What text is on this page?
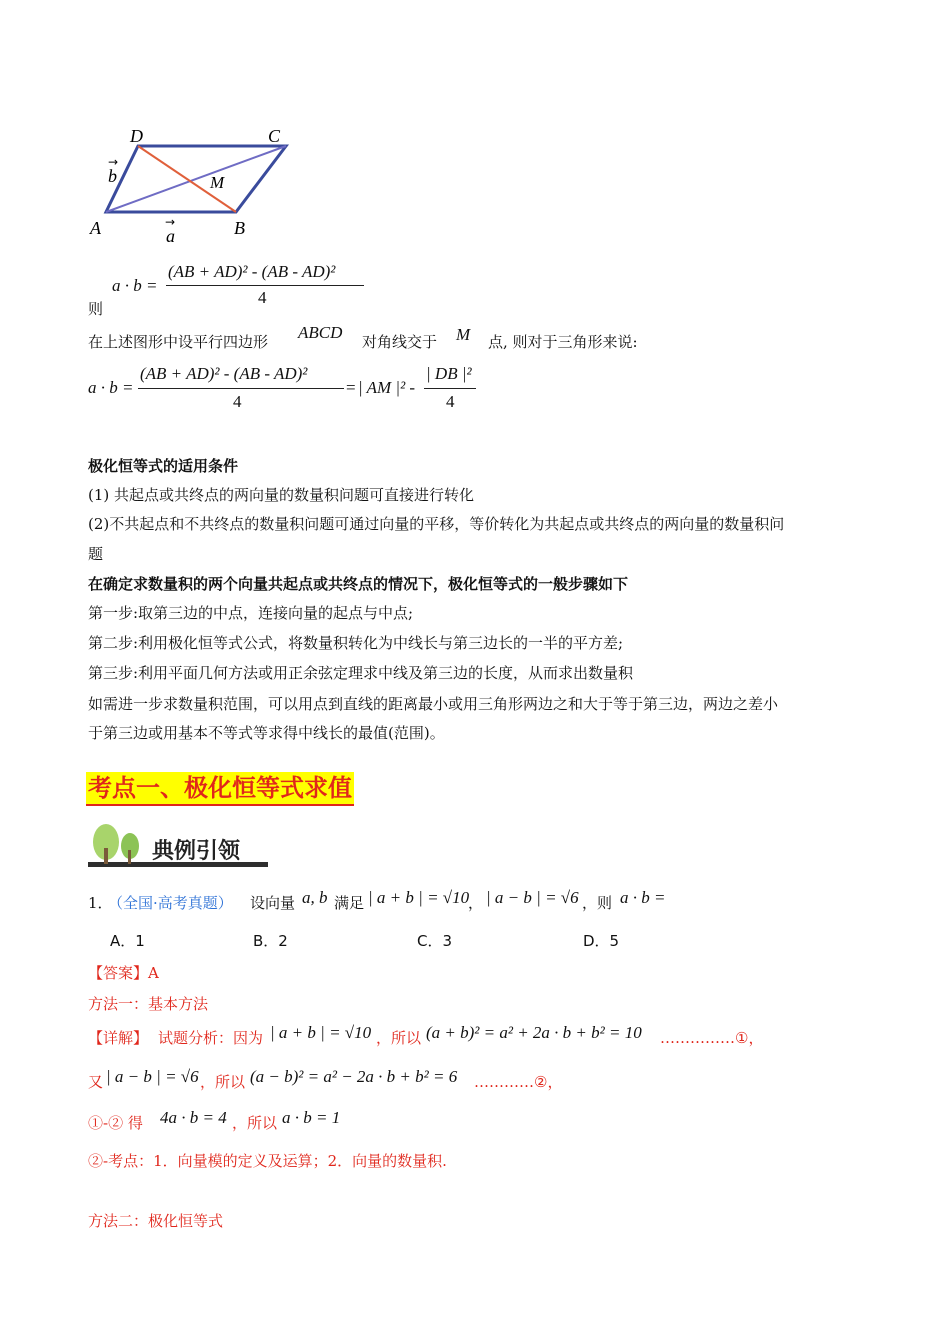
D	C
A	B
M
b
→
a
→
则
a · b =
(AB + AD)² - (AB - AD)²
4
在上述图形中设平行四边形 ABCD 对角线交于 M 点, 则对于三角形来说:
a · b =
(AB + AD)² - (AB - AD)²
4
= | AM |² -
| DB |²
4
极化恒等式的适用条件
(1) 共起点或共终点的两向量的数量积问题可直接进行转化
(2)不共起点和不共终点的数量积问题可通过向量的平移，等价转化为共起点或共终点的两向量的数量积问
题
在确定求数量积的两个向量共起点或共终点的情况下，极化恒等式的一般步骤如下
第一步:取第三边的中点，连接向量的起点与中点;
第二步:利用极化恒等式公式，将数量积转化为中线长与第三边长的一半的平方差;
第三步:利用平面几何方法或用正余弦定理求中线及第三边的长度，从而求出数量积
如需进一步求数量积范围，可以用点到直线的距离最小或用三角形两边之和大于等于第三边，两边之差小
于第三边或用基本不等式等求得中线长的最值(范围)。
考点一、极化恒等式求值
典例引领
1．
（全国·高考真题） 设向量 a, b 满足 | a + b | = √10
， | a − b | = √6 ，则 a · b =
A．1	B．2	C．3	D．5
【答案】A
方法一：基本方法
【详解】 试题分析：因为 | a + b | = √10 ，所以 (a + b)² = a² + 2a · b + b² = 10 ……………①，
又 | a − b | = √6 ，所以 (a − b)² = a² − 2a · b + b² = 6 …………②，
①-② 得 4a · b = 4 ，所以 a · b = 1
②-考点：1．向量模的定义及运算；2．向量的数量积.
方法二：极化恒等式
